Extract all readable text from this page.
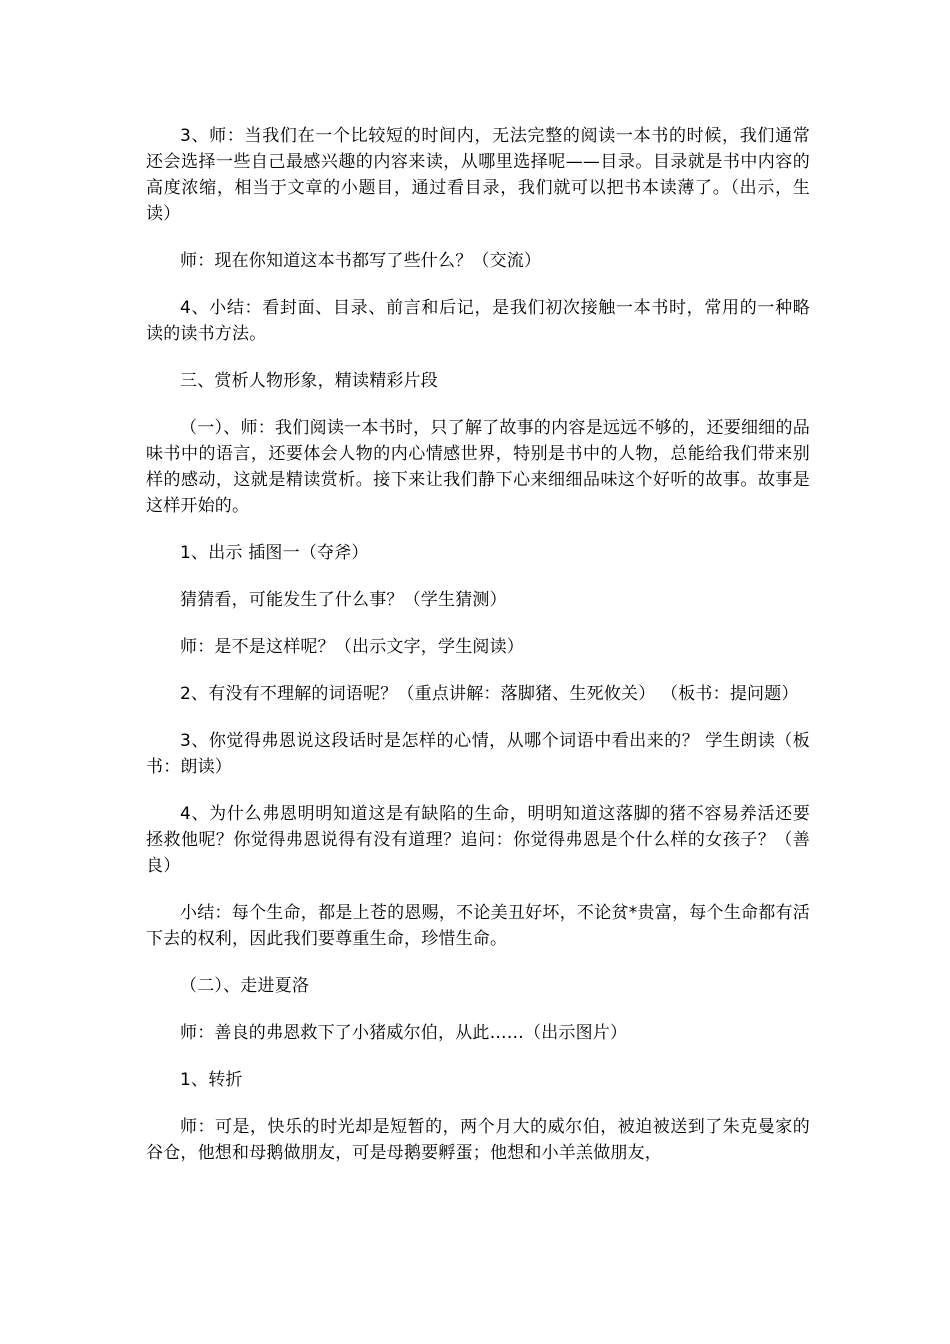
3、师：当我们在一个比较短的时间内，无法完整的阅读一本书的时候，我们通常还会选择一些自己最感兴趣的内容来读，从哪里选择呢——目录。目录就是书中内容的高度浓缩，相当于文章的小题目，通过看目录，我们就可以把书本读薄了。（出示，生读）

师：现在你知道这本书都写了些什么？（交流）

4、小结：看封面、目录、前言和后记，是我们初次接触一本书时，常用的一种略读的读书方法。

三、赏析人物形象，精读精彩片段

（一）、师：我们阅读一本书时，只了解了故事的内容是远远不够的，还要细细的品味书中的语言，还要体会人物的内心情感世界，特别是书中的人物，总能给我们带来别样的感动，这就是精读赏析。接下来让我们静下心来细细品味这个好听的故事。故事是这样开始的。

1、出示 插图一（夺斧）

猜猜看，可能发生了什么事？（学生猜测）

师：是不是这样呢？（出示文字，学生阅读）

2、有没有不理解的词语呢？（重点讲解：落脚猪、生死攸关） （板书：提问题）

3、你觉得弗恩说这段话时是怎样的心情，从哪个词语中看出来的？ 学生朗读（板书：朗读）

4、为什么弗恩明明知道这是有缺陷的生命，明明知道这落脚的猪不容易养活还要拯救他呢？你觉得弗恩说得有没有道理？追问：你觉得弗恩是个什么样的女孩子？（善良）

小结：每个生命，都是上苍的恩赐，不论美丑好坏，不论贫*贵富，每个生命都有活下去的权利，因此我们要尊重生命，珍惜生命。

（二）、走进夏洛

师：善良的弗恩救下了小猪威尔伯，从此……（出示图片）

1、转折

师：可是，快乐的时光却是短暂的，两个月大的威尔伯，被迫被送到了朱克曼家的谷仓，他想和母鹅做朋友，可是母鹅要孵蛋；他想和小羊羔做朋友，
